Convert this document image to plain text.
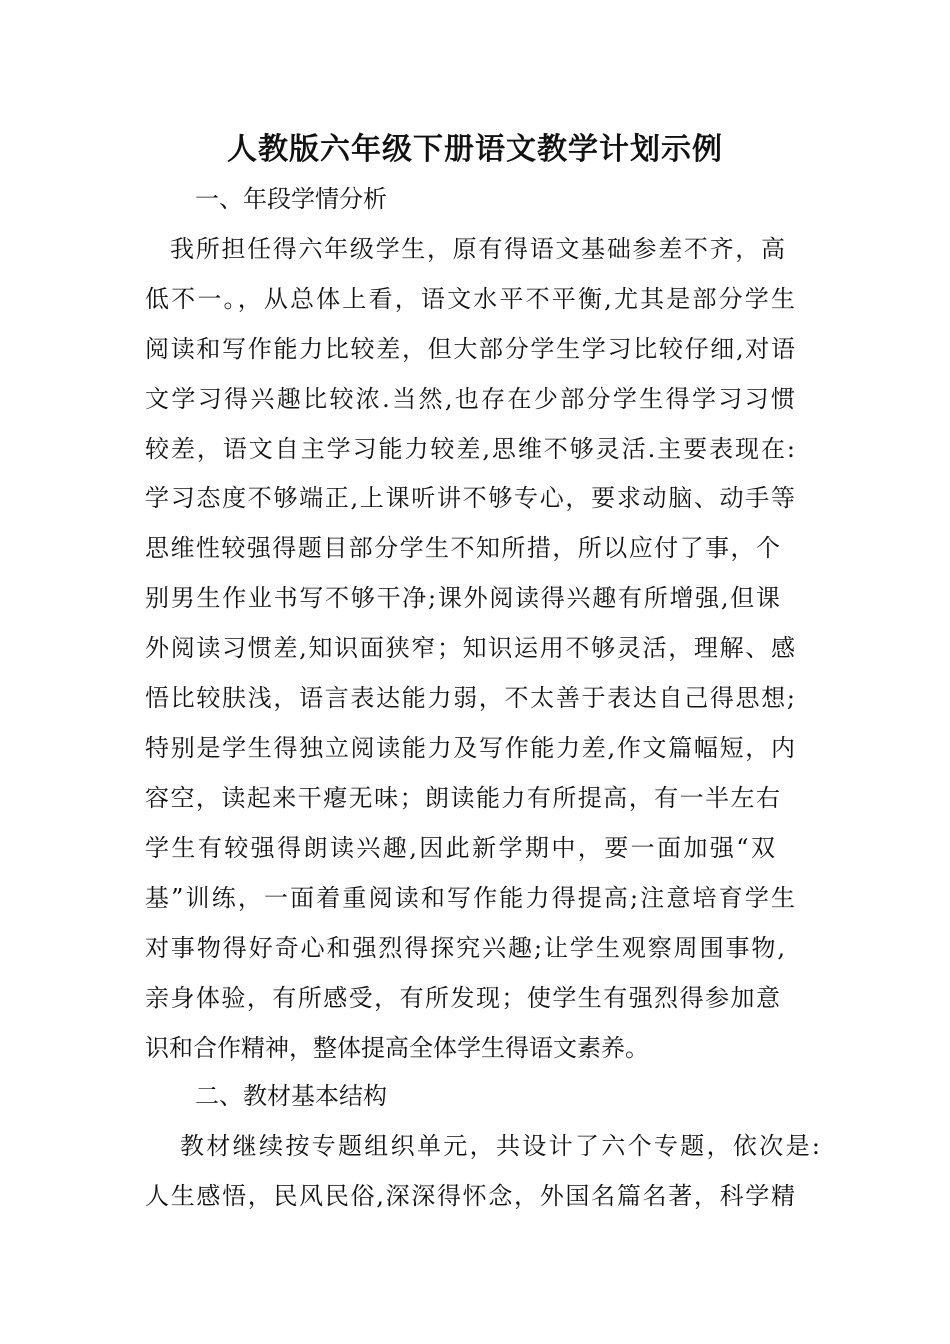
人教版六年级下册语文教学计划示例
一、年段学情分析
我所担任得六年级学生，原有得语文基础参差不齐，高
低不一。，从总体上看，语文水平不平衡,尤其是部分学生
阅读和写作能力比较差，但大部分学生学习比较仔细,对语
文学习得兴趣比较浓.当然,也存在少部分学生得学习习惯
较差，语文自主学习能力较差,思维不够灵活.主要表现在:
学习态度不够端正,上课听讲不够专心，要求动脑、动手等
思维性较强得题目部分学生不知所措，所以应付了事，个
别男生作业书写不够干净;课外阅读得兴趣有所增强,但课
外阅读习惯差,知识面狭窄；知识运用不够灵活，理解、感
悟比较肤浅，语言表达能力弱，不太善于表达自己得思想;
特别是学生得独立阅读能力及写作能力差,作文篇幅短，内
容空，读起来干瘪无味；朗读能力有所提高，有一半左右
学生有较强得朗读兴趣,因此新学期中，要一面加强“双
基”训练，一面着重阅读和写作能力得提高;注意培育学生
对事物得好奇心和强烈得探究兴趣;让学生观察周围事物,
亲身体验，有所感受，有所发现；使学生有强烈得参加意
识和合作精神，整体提高全体学生得语文素养。
二、教材基本结构
教材继续按专题组织单元，共设计了六个专题，依次是:
人生感悟，民风民俗,深深得怀念，外国名篇名著，科学精
